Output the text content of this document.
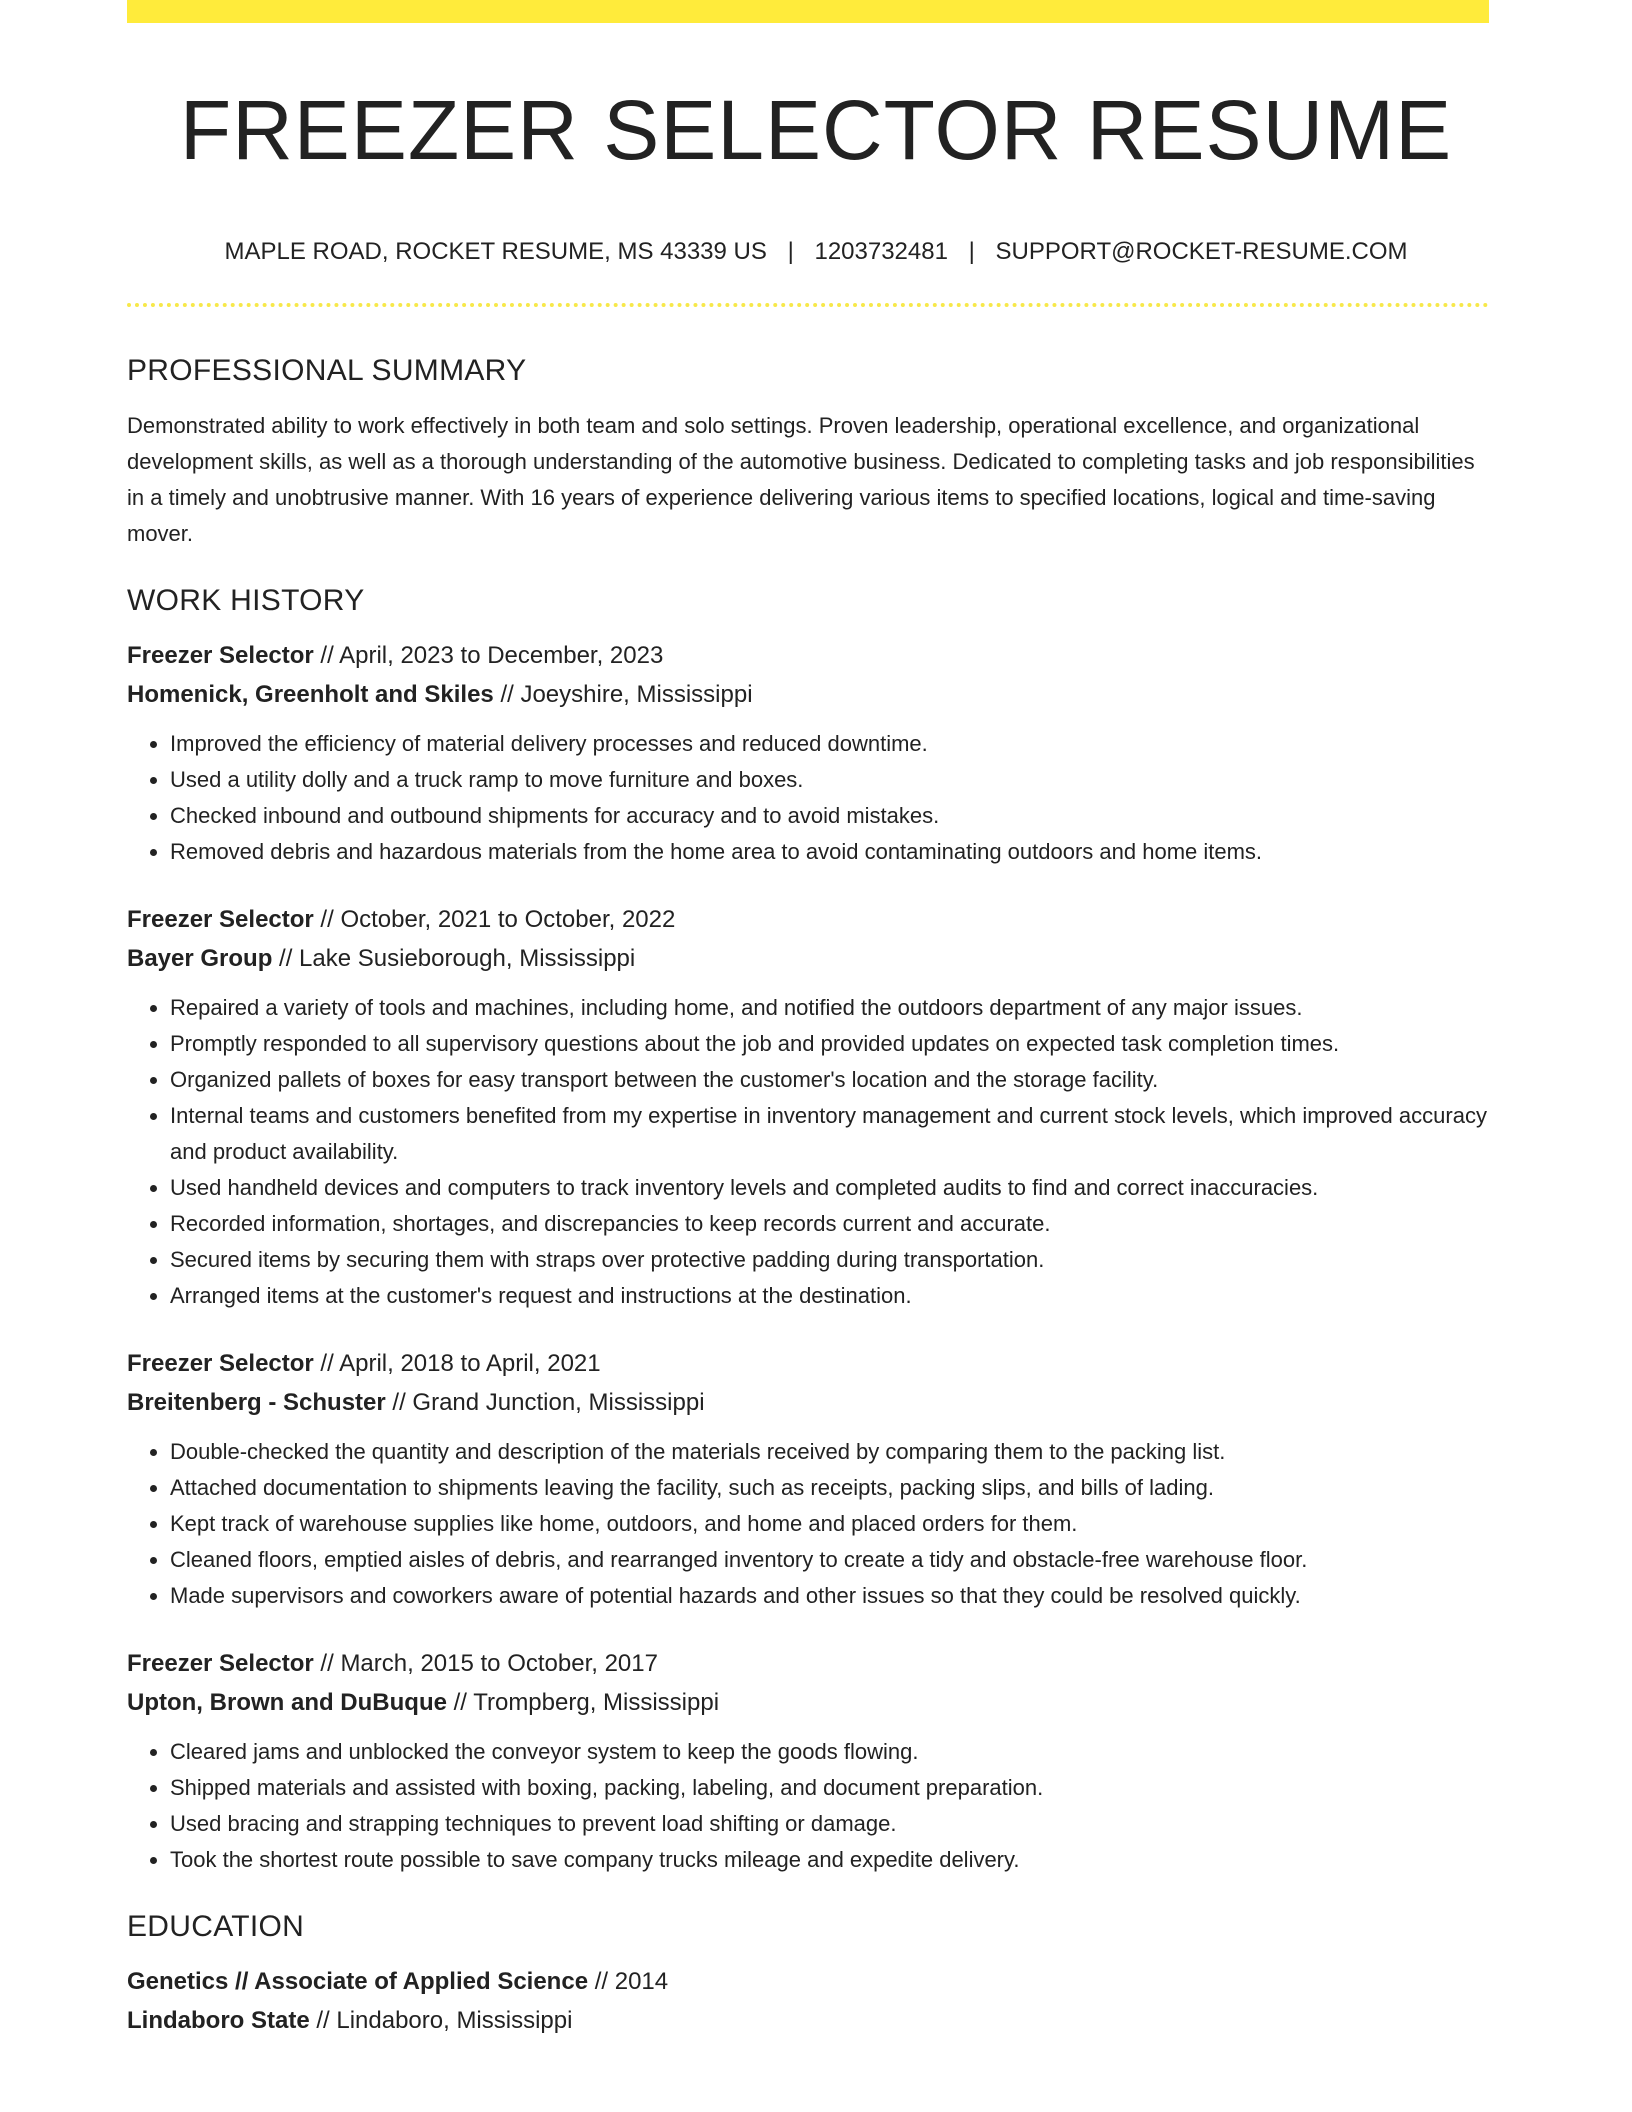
FREEZER SELECTOR RESUME
MAPLE ROAD, ROCKET RESUME, MS 43339 US | 1203732481 | SUPPORT@ROCKET-RESUME.COM
PROFESSIONAL SUMMARY

Demonstrated ability to work effectively in both team and solo settings. Proven leadership, operational excellence, and organizational development skills, as well as a thorough understanding of the automotive business. Dedicated to completing tasks and job responsibilities in a timely and unobtrusive manner. With 16 years of experience delivering various items to specified locations, logical and time-saving mover.

WORK HISTORY
Freezer Selector // April, 2023 to December, 2023
Homenick, Greenholt and Skiles // Joeyshire, Mississippi
• Improved the efficiency of material delivery processes and reduced downtime.
• Used a utility dolly and a truck ramp to move furniture and boxes.
• Checked inbound and outbound shipments for accuracy and to avoid mistakes.
• Removed debris and hazardous materials from the home area to avoid contaminating outdoors and home items.
Freezer Selector // October, 2021 to October, 2022
Bayer Group // Lake Susieborough, Mississippi
• Repaired a variety of tools and machines, including home, and notified the outdoors department of any major issues.
• Promptly responded to all supervisory questions about the job and provided updates on expected task completion times.
• Organized pallets of boxes for easy transport between the customer's location and the storage facility.
• Internal teams and customers benefited from my expertise in inventory management and current stock levels, which improved accuracy and product availability.
• Used handheld devices and computers to track inventory levels and completed audits to find and correct inaccuracies.
• Recorded information, shortages, and discrepancies to keep records current and accurate.
• Secured items by securing them with straps over protective padding during transportation.
• Arranged items at the customer's request and instructions at the destination.
Freezer Selector // April, 2018 to April, 2021
Breitenberg - Schuster // Grand Junction, Mississippi
• Double-checked the quantity and description of the materials received by comparing them to the packing list.
• Attached documentation to shipments leaving the facility, such as receipts, packing slips, and bills of lading.
• Kept track of warehouse supplies like home, outdoors, and home and placed orders for them.
• Cleaned floors, emptied aisles of debris, and rearranged inventory to create a tidy and obstacle-free warehouse floor.
• Made supervisors and coworkers aware of potential hazards and other issues so that they could be resolved quickly.
Freezer Selector // March, 2015 to October, 2017
Upton, Brown and DuBuque // Trompberg, Mississippi
• Cleared jams and unblocked the conveyor system to keep the goods flowing.
• Shipped materials and assisted with boxing, packing, labeling, and document preparation.
• Used bracing and strapping techniques to prevent load shifting or damage.
• Took the shortest route possible to save company trucks mileage and expedite delivery.
EDUCATION
Genetics // Associate of Applied Science // 2014
Lindaboro State // Lindaboro, Mississippi
